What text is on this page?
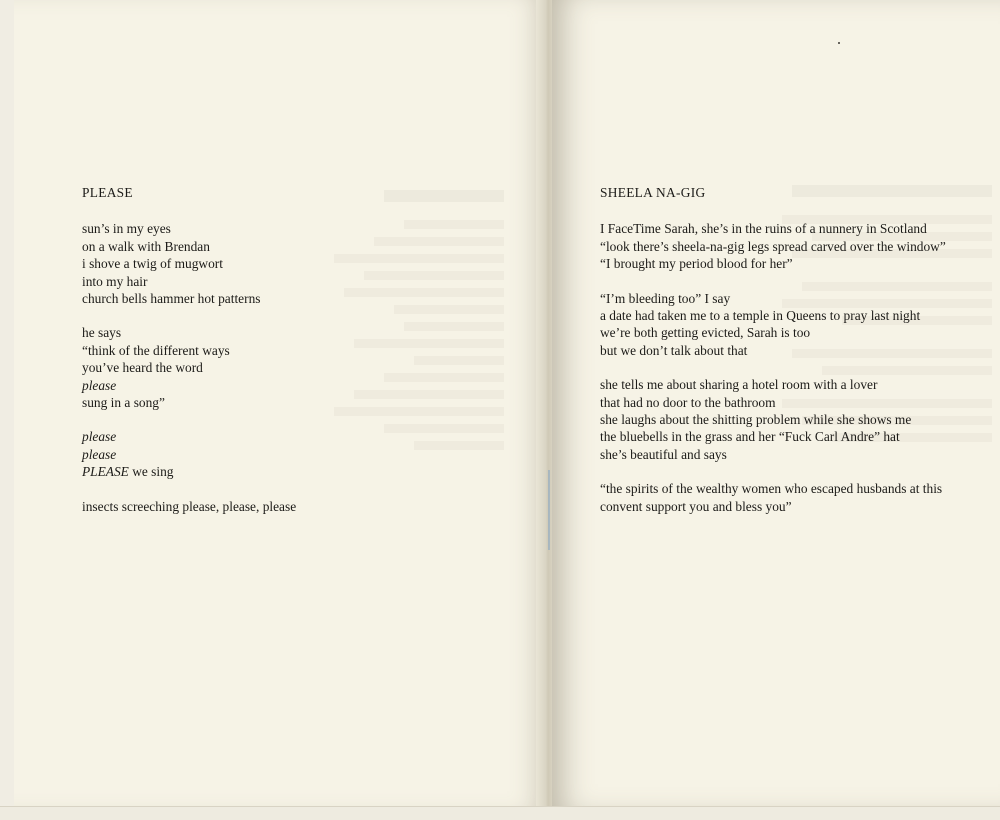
PLEASE
sun’s in my eyes
on a walk with Brendan
i shove a twig of mugwort
into my hair
church bells hammer hot patterns
he says
“think of the different ways
you’ve heard the word
please
sung in a song”
please
please
PLEASE we sing
insects screeching please, please, please
SHEELA NA-GIG
I FaceTime Sarah, she’s in the ruins of a nunnery in Scotland
“look there’s sheela-na-gig legs spread carved over the window”
“I brought my period blood for her”
“I’m bleeding too” I say
a date had taken me to a temple in Queens to pray last night
we’re both getting evicted, Sarah is too
but we don’t talk about that
she tells me about sharing a hotel room with a lover
that had no door to the bathroom
she laughs about the shitting problem while she shows me
the bluebells in the grass and her “Fuck Carl Andre” hat
she’s beautiful and says
“the spirits of the wealthy women who escaped husbands at this
convent support you and bless you”
